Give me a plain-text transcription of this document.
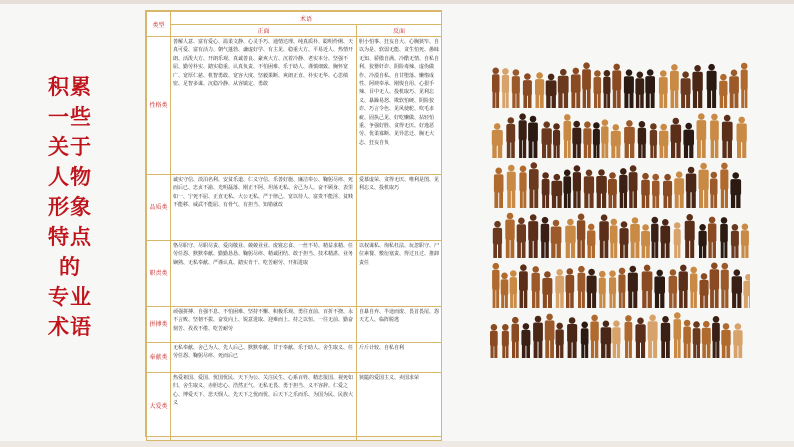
积累
一些
关于
人物
形象
特点
的
专业
术语
类型	术语	
	正面	反面
性格类	善解人意、富有爱心、温柔文静、心灵手巧、通情达理、纯真质朴、聪明伶俐、天真可爱、富有活力、朝气蓬勃、谦虚好学、有主见、稳重大方、平易近人、热情开朗、活泼大方、开朗乐观、真诚善良、豪爽大方、沉着冷静、老实本分、坚强不屈、勤劳朴实、踏实稳重、认真负责、不怕困难、乐于助人、谨慎细致、胸怀宽广、宽厚仁慈、机智勇敢、宽容大度、坚毅果断、爽朗正直、朴实无华、心思缜密、足智多谋、沉稳冷静、从容镇定、勇敢	胆小怕事、狂妄自大、心胸狭窄、自以为是、软弱无能、贪生怕死、愚昧无知、骄傲自满、冷酷无情、自私自利、狡猾奸诈、阴险毒辣、虚伪做作、冷漠自私、自甘堕落、懒惰成性、阿谀奉承、刚愎自用、心狠手辣、目中无人、投机取巧、见利忘义、暴躁易怒、欺软怕硬、阴险狡诈、巧言令色、见风使舵、吹毛求疵、固执己见、好吃懒做、拈轻怕重、争强好胜、贪得无厌、好逸恶劳、优柔寡断、见异思迁、胸无大志、狂妄自负
品质类	诚实守信、淡泊名利、安贫乐道、仁义守信、乐善好施、廉洁奉公、鞠躬尽瘁、死而后已、忠贞不渝、光明磊落、刚正不阿、坦荡无私、舍己为人、奋不顾身、表里如一、宁死不屈、正直无私、大公无私、严于律己、宽以待人、富贵不能淫、贫贱不能移、威武不能屈、有骨气、有担当、知错就改	爱慕虚荣、贪得无厌、唯利是图、见利忘义、投机取巧
职责类	恪尽职守、尽职尽责、爱岗敬业、兢兢业业、废寝忘食、一丝不苟、精益求精、任劳任怨、默默奉献、勤勤恳恳、鞠躬尽瘁、精诚团结、敢于担当、技术精湛、业务娴熟、无私奉献、严谨认真、踏实肯干、吃苦耐劳、开拓进取	以权谋私、徇私枉法、玩忽职守、尸位素餐、敷衍塞责、得过且过、推卸责任
拼搏类	顽强拼搏、自强不息、不怕困难、坚持不懈、积极乐观、勇往直前、百折不挠、永不言败、坚韧不拔、奋发向上、锐意进取、迎难而上、持之以恒、一往无前、勤奋刻苦、孜孜不倦、吃苦耐劳	自暴自弃、半途而废、畏首畏尾、怨天尤人、临阵脱逃
奉献类	无私奉献、舍己为人、先人后己、默默奉献、甘于奉献、乐于助人、舍生取义、任劳任怨、鞠躬尽瘁、死而后已	斤斤计较、自私自利
大爱类	热爱祖国、爱国、忧国忧民、天下为公、关注民生、心系百姓、精忠报国、视死如归、舍生取义、赤胆忠心、浩然正气、无私无畏、勇于担当、义不容辞、仁爱之心、博爱天下、悲天悯人、先天下之忧而忧、后天下之乐而乐、为国为民、民族大义	狭隘的爱国主义、卖国求荣
